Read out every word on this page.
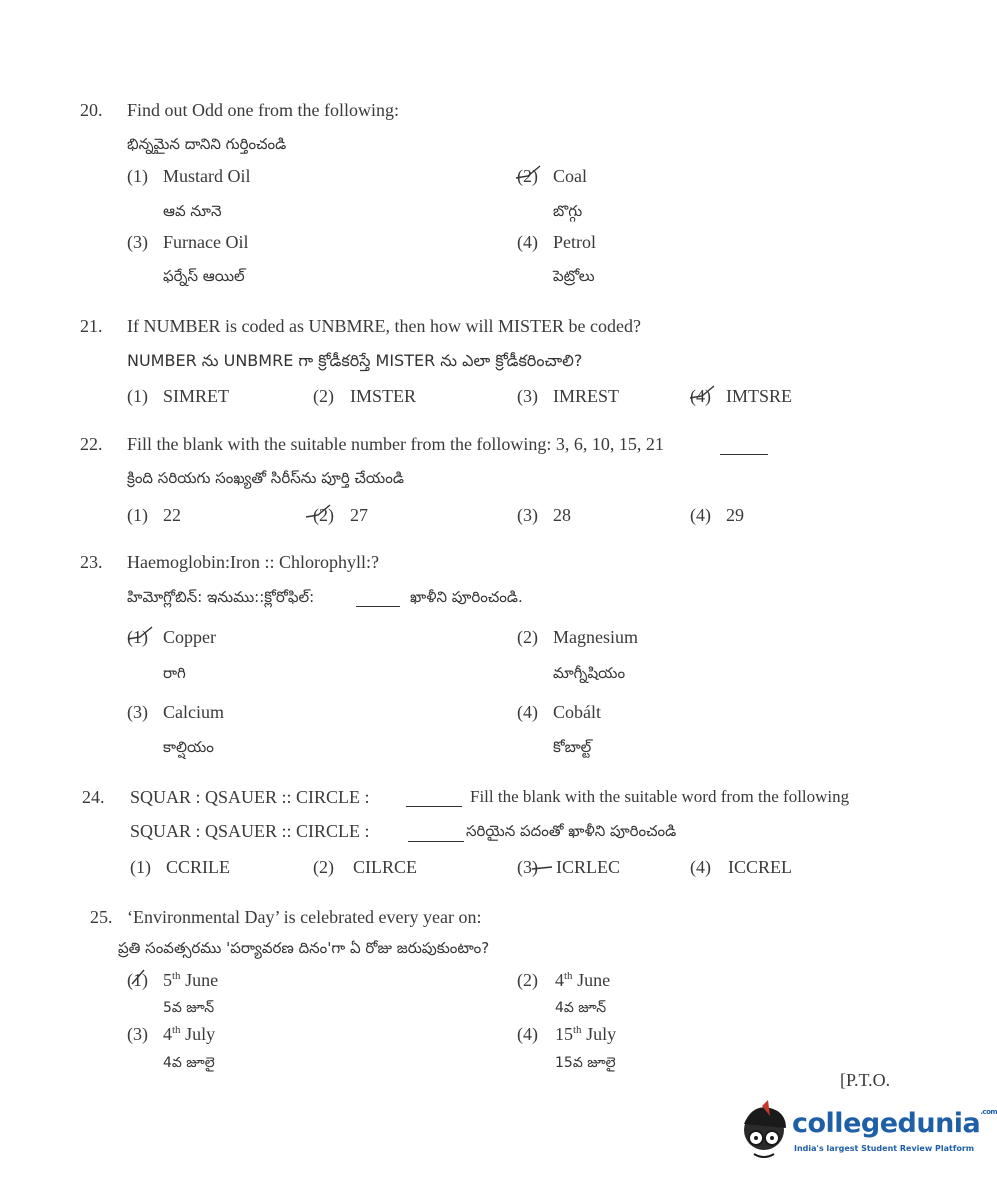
20. Find out Odd one from the following:
భిన్నమైన దానిని గుర్తించండి
(1) Mustard Oil
ఆవ నూనె
(2) Coal
బొగ్గు
(3) Furnace Oil
ఫర్నేస్ ఆయిల్
(4) Petrol
పెట్రోలు
21. If NUMBER is coded as UNBMRE, then how will MISTER be coded?
NUMBER ను UNBMRE గా క్రోడీకరిస్తే MISTER ను ఎలా క్రోడీకరించాలి?
(1) SIMRET	(2) IMSTER	(3) IMREST	(4) IMTSRE
22. Fill the blank with the suitable number from the following: 3, 6, 10, 15, 21
క్రింది సరియగు సంఖ్యతో సిరీస్‌ను పూర్తి చేయండి
(1) 22	(2) 27	(3) 28	(4) 29
23. Haemoglobin:Iron :: Chlorophyll:?
హిమోగ్లోబిన్: ఇనుము::క్లోరోఫిల్:	ఖాళీని పూరించండి.
(1) Copper
రాగి
(2) Magnesium
మాగ్నీషియం
(3) Calcium
కాల్షియం
(4) Cobált
కోబాల్ట్
24. SQUAR : QSAUER :: CIRCLE :	Fill the blank with the suitable word from the following
SQUAR : QSAUER :: CIRCLE :	సరియైన పదంతో ఖాళీని పూరించండి
(1) CCRILE	(2) CILRCE	(3) ICRLEC	(4) ICCREL
25. ‘Environmental Day’ is celebrated every year on:
ప్రతి సంవత్సరము 'పర్యావరణ దినం'గా ఏ రోజు జరుపుకుంటాం?
(1) 5th June
5వ జూన్
(2) 4th June
4వ జూన్
(3) 4th July
4వ జూలై
(4) 15th July
15వ జూలై
[P.T.O.
collegedunia$^{.com}$
India's largest Student Review Platform
